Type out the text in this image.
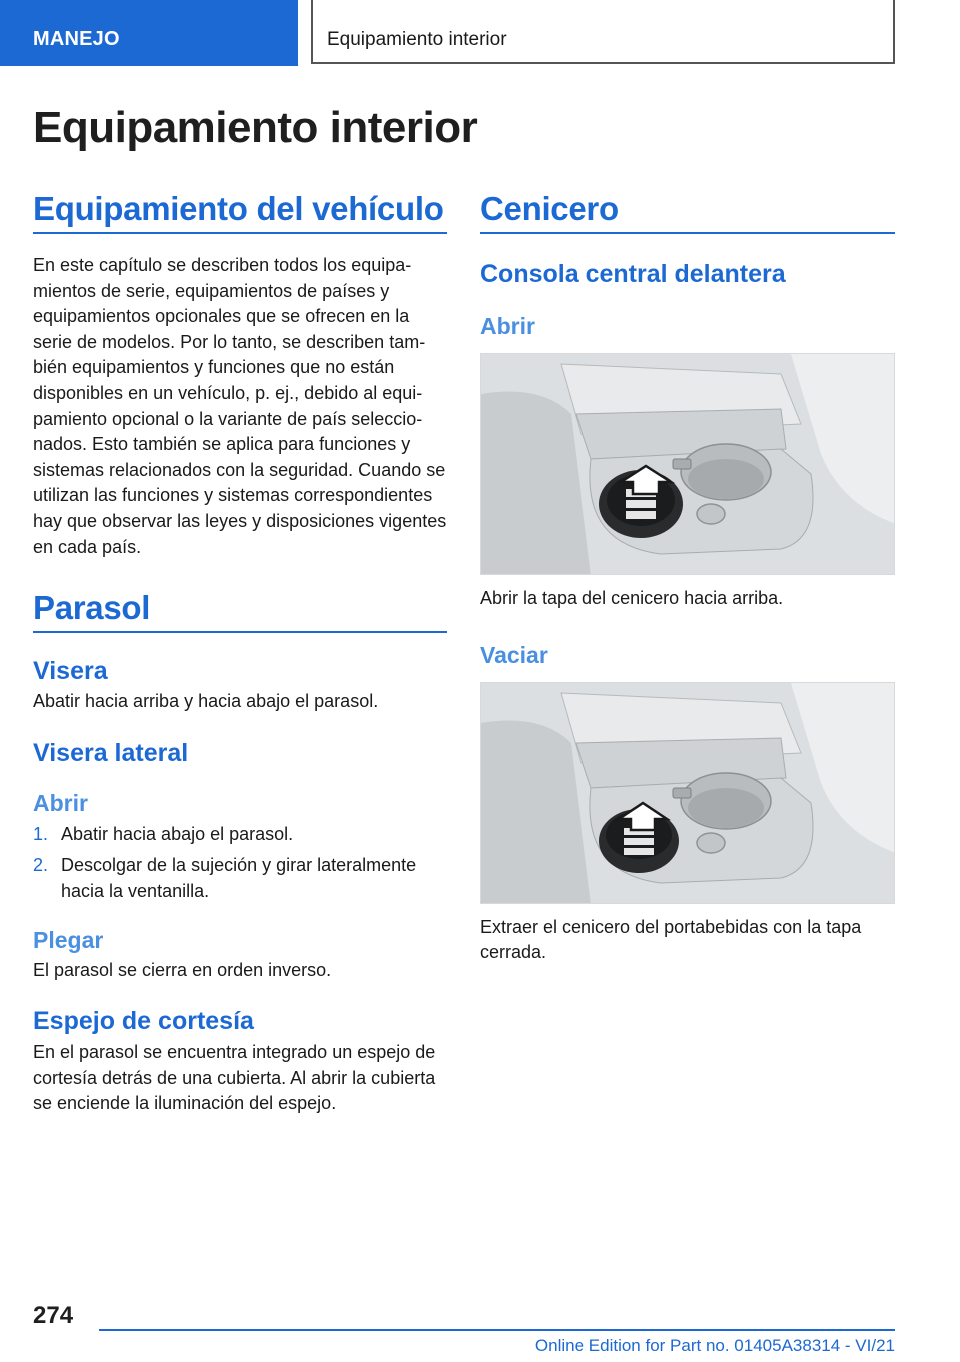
MANEJO	Equipamiento interior
Equipamiento interior
Equipamiento del vehículo

En este capítulo se describen todos los equipamientos de serie, equipamientos de países y equipamientos opcionales que se ofrecen en la serie de modelos. Por lo tanto, se describen también equipamientos y funciones que no están disponibles en un vehículo, p. ej., debido al equipamiento opcional o la variante de país seleccionados. Esto también se aplica para funciones y sistemas relacionados con la seguridad. Cuando se utilizan las funciones y sistemas correspondientes hay que observar las leyes y disposiciones vigentes en cada país.

Parasol
Visera

Abatir hacia arriba y hacia abajo el parasol.

Visera lateral
Abrir
1. Abatir hacia abajo el parasol.
2. Descolgar de la sujeción y girar lateralmente hacia la ventanilla.
Plegar

El parasol se cierra en orden inverso.

Espejo de cortesía

En el parasol se encuentra integrado un espejo de cortesía detrás de una cubierta. Al abrir la cubierta se enciende la iluminación del espejo.

Cenicero
Consola central delantera
Abrir

Abrir la tapa del cenicero hacia arriba.

Vaciar

Extraer el cenicero del portabebidas con la tapa cerrada.

274
Online Edition for Part no. 01405A38314 - VI/21
